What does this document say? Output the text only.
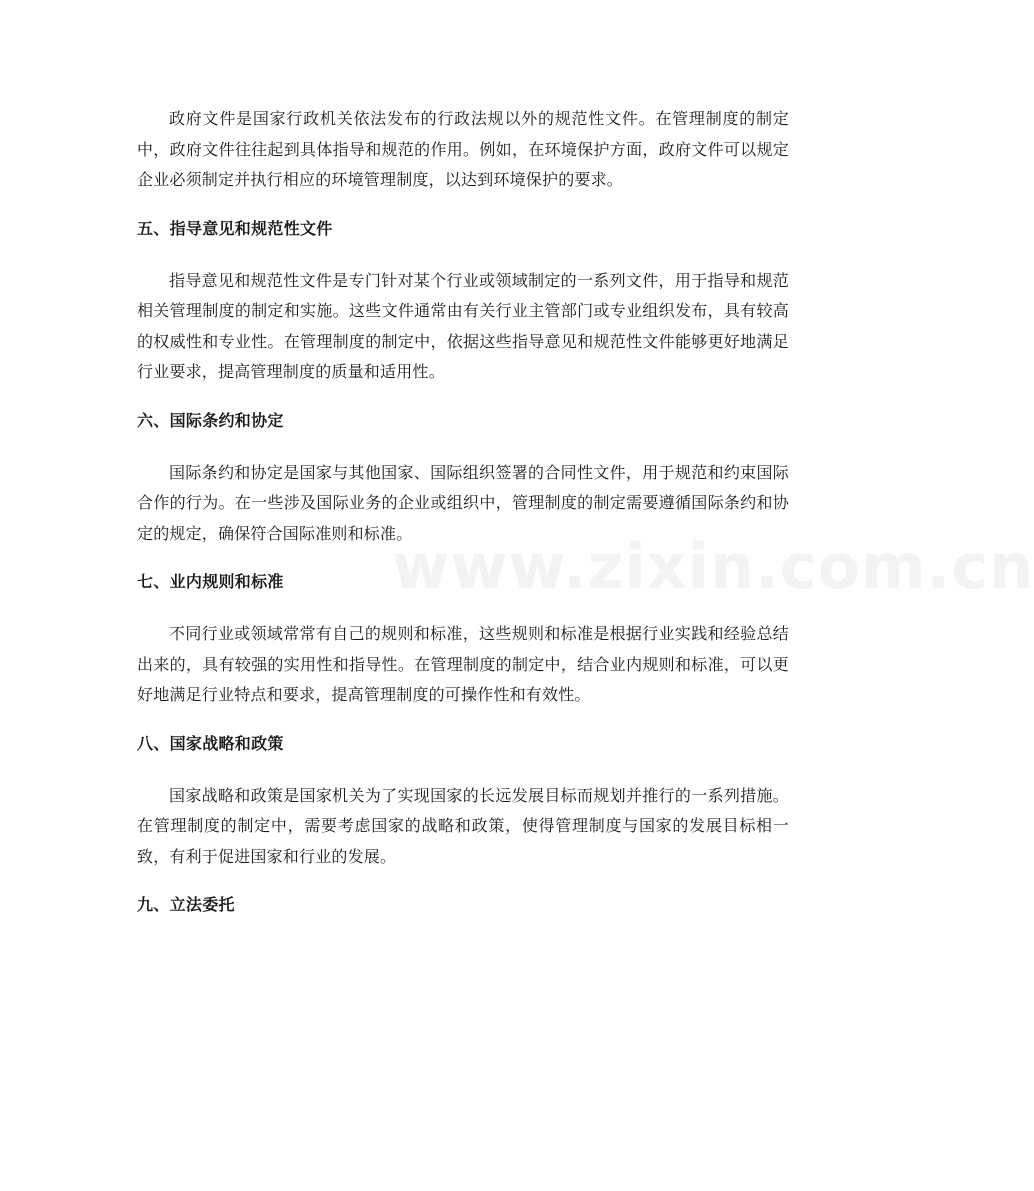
www.zixin.com.cn

政府文件是国家行政机关依法发布的行政法规以外的规范性文件。在管理制度的制定中，政府文件往往起到具体指导和规范的作用。例如，在环境保护方面，政府文件可以规定企业必须制定并执行相应的环境管理制度，以达到环境保护的要求。

五、指导意见和规范性文件

指导意见和规范性文件是专门针对某个行业或领域制定的一系列文件，用于指导和规范相关管理制度的制定和实施。这些文件通常由有关行业主管部门或专业组织发布，具有较高的权威性和专业性。在管理制度的制定中，依据这些指导意见和规范性文件能够更好地满足行业要求，提高管理制度的质量和适用性。

六、国际条约和协定

国际条约和协定是国家与其他国家、国际组织签署的合同性文件，用于规范和约束国际合作的行为。在一些涉及国际业务的企业或组织中，管理制度的制定需要遵循国际条约和协定的规定，确保符合国际准则和标准。

七、业内规则和标准

不同行业或领域常常有自己的规则和标准，这些规则和标准是根据行业实践和经验总结出来的，具有较强的实用性和指导性。在管理制度的制定中，结合业内规则和标准，可以更好地满足行业特点和要求，提高管理制度的可操作性和有效性。

八、国家战略和政策

国家战略和政策是国家机关为了实现国家的长远发展目标而规划并推行的一系列措施。在管理制度的制定中，需要考虑国家的战略和政策，使得管理制度与国家的发展目标相一致，有利于促进国家和行业的发展。

九、立法委托
